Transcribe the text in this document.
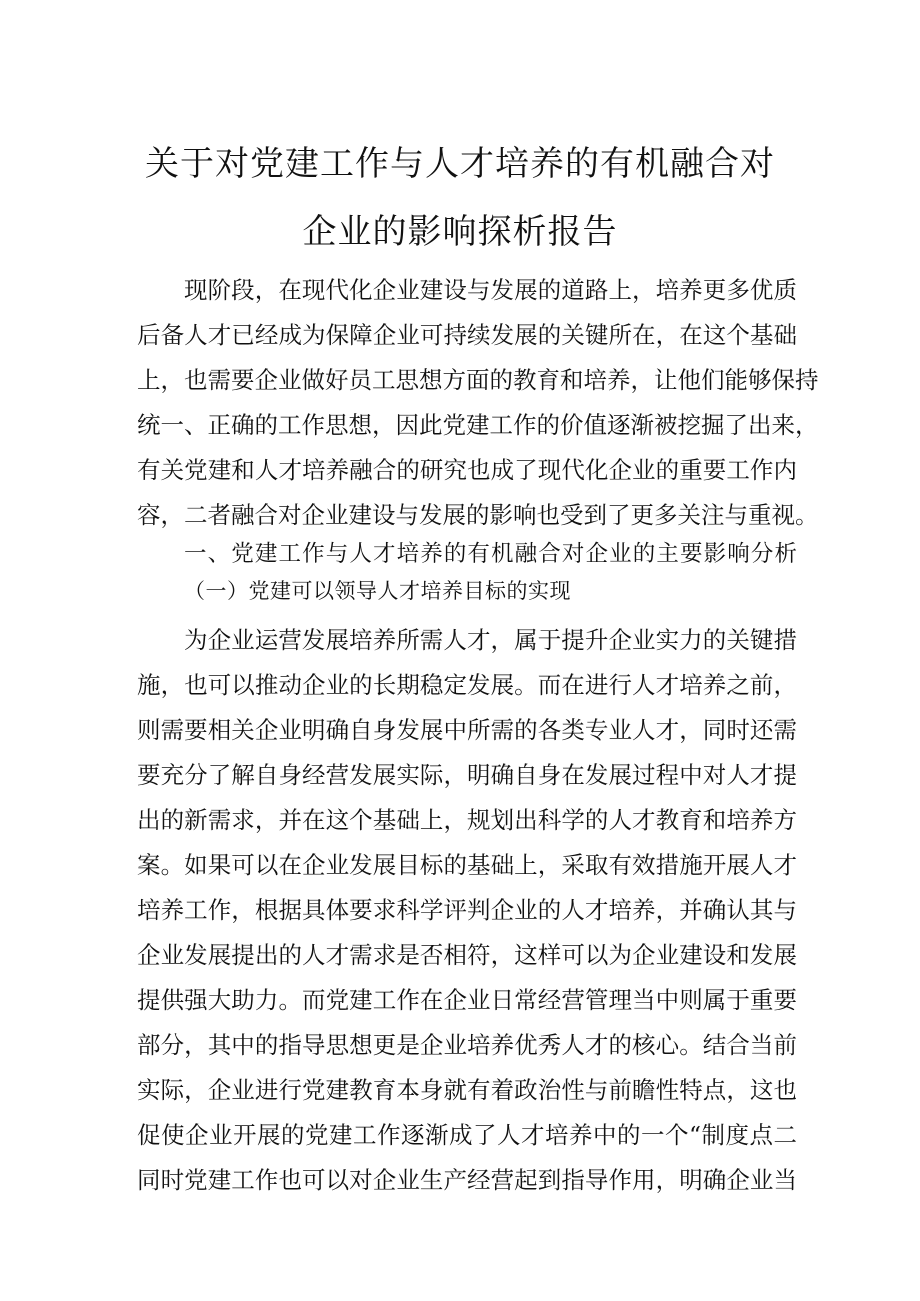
关于对党建工作与人才培养的有机融合对
企业的影响探析报告
现阶段，在现代化企业建设与发展的道路上，培养更多优质
后备人才已经成为保障企业可持续发展的关键所在，在这个基础
上，也需要企业做好员工思想方面的教育和培养，让他们能够保持
统一、正确的工作思想，因此党建工作的价值逐渐被挖掘了出来，
有关党建和人才培养融合的研究也成了现代化企业的重要工作内
容，二者融合对企业建设与发展的影响也受到了更多关注与重视。
一、党建工作与人才培养的有机融合对企业的主要影响分析
（一）党建可以领导人才培养目标的实现
为企业运营发展培养所需人才，属于提升企业实力的关键措
施，也可以推动企业的长期稳定发展。而在进行人才培养之前，
则需要相关企业明确自身发展中所需的各类专业人才，同时还需
要充分了解自身经营发展实际，明确自身在发展过程中对人才提
出的新需求，并在这个基础上，规划出科学的人才教育和培养方
案。如果可以在企业发展目标的基础上，采取有效措施开展人才
培养工作，根据具体要求科学评判企业的人才培养，并确认其与
企业发展提出的人才需求是否相符，这样可以为企业建设和发展
提供强大助力。而党建工作在企业日常经营管理当中则属于重要
部分，其中的指导思想更是企业培养优秀人才的核心。结合当前
实际，企业进行党建教育本身就有着政治性与前瞻性特点，这也
促使企业开展的党建工作逐渐成了人才培养中的一个“制度点二
同时党建工作也可以对企业生产经营起到指导作用，明确企业当
